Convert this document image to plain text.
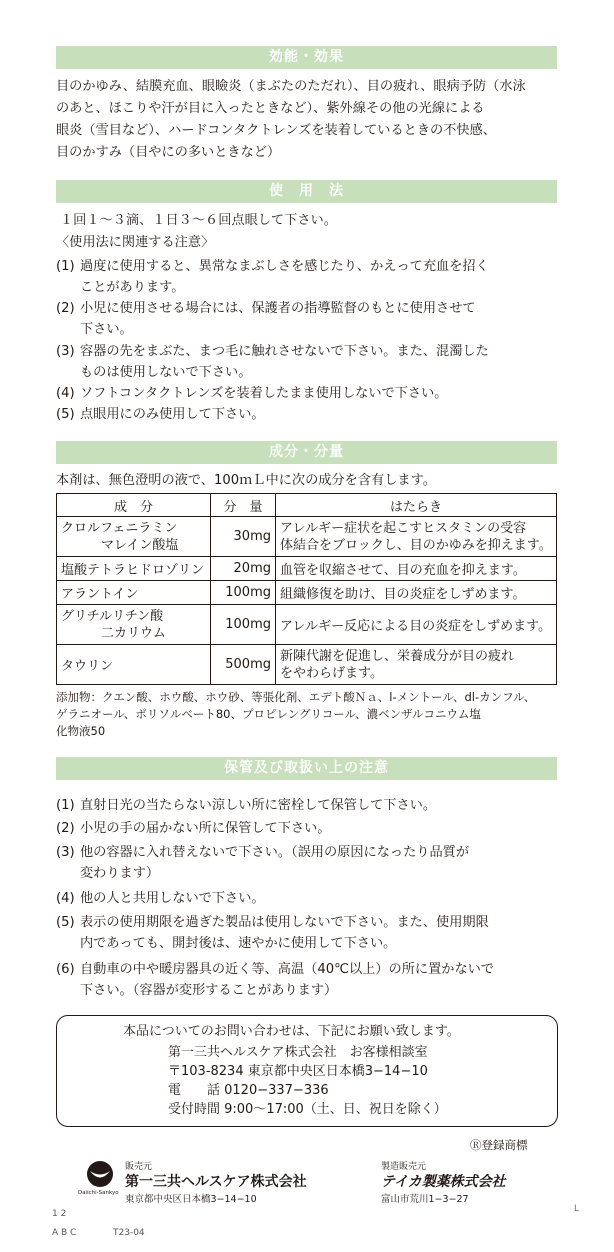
効能・効果
目のかゆみ、結膜充血、眼瞼炎（まぶたのただれ）、目の疲れ、眼病予防（水泳
のあと、ほこりや汗が目に入ったときなど）、紫外線その他の光線による
眼炎（雪目など）、ハードコンタクトレンズを装着しているときの不快感、
目のかすみ（目やにの多いときなど）
使　用　法
１回１～３滴、１日３～６回点眼して下さい。
〈使用法に関連する注意〉
(1) 過度に使用すると、異常なまぶしさを感じたり、かえって充血を招く
ことがあります。
(2) 小児に使用させる場合には、保護者の指導監督のもとに使用させて
下さい。
(3) 容器の先をまぶた、まつ毛に触れさせないで下さい。また、混濁した
ものは使用しないで下さい。
(4) ソフトコンタクトレンズを装着したまま使用しないで下さい。
(5) 点眼用にのみ使用して下さい。
成分・分量
本剤は、無色澄明の液で、100ｍＬ中に次の成分を含有します。
成　分	分　量	はたらき
クロルフェニラミン
マレイン酸塩	30mg	アレルギー症状を起こすヒスタミンの受容
体結合をブロックし、目のかゆみを抑えます。
塩酸テトラヒドロゾリン	20mg	血管を収縮させて、目の充血を抑えます。
アラントイン	100mg	組織修復を助け、目の炎症をしずめます。
グリチルリチン酸
二カリウム	100mg	アレルギー反応による目の炎症をしずめます。
タウリン	500mg	新陳代謝を促進し、栄養成分が目の疲れ
をやわらげます。
添加物：クエン酸、ホウ酸、ホウ砂、等張化剤、エデト酸Ｎａ、l-メントール、dl-カンフル、
ゲラニオール、ポリソルベート80、プロピレングリコール、濃ベンザルコニウム塩
化物液50
保管及び取扱い上の注意
(1) 直射日光の当たらない涼しい所に密栓して保管して下さい。
(2) 小児の手の届かない所に保管して下さい。
(3) 他の容器に入れ替えないで下さい。（誤用の原因になったり品質が
変わります）
(4) 他の人と共用しないで下さい。
(5) 表示の使用期限を過ぎた製品は使用しないで下さい。また、使用期限
内であっても、開封後は、速やかに使用して下さい。
(6) 自動車の中や暖房器具の近く等、高温（40℃以上）の所に置かないで
下さい。（容器が変形することがあります）
本品についてのお問い合わせは、下記にお願い致します。
第一三共ヘルスケア株式会社　お客様相談室
〒103-8234 東京都中央区日本橋3−14−10
電　　話 0120−337−336
受付時間 9:00〜17:00（土、日、祝日を除く）
Ⓡ登録商標
Daiichi-Sankyo
販売元
第一三共ヘルスケア株式会社
東京都中央区日本橋3−14−10
製造販売元
テイカ製薬株式会社
富山市荒川1−3−27
L
1 2
A B C	T23-04
